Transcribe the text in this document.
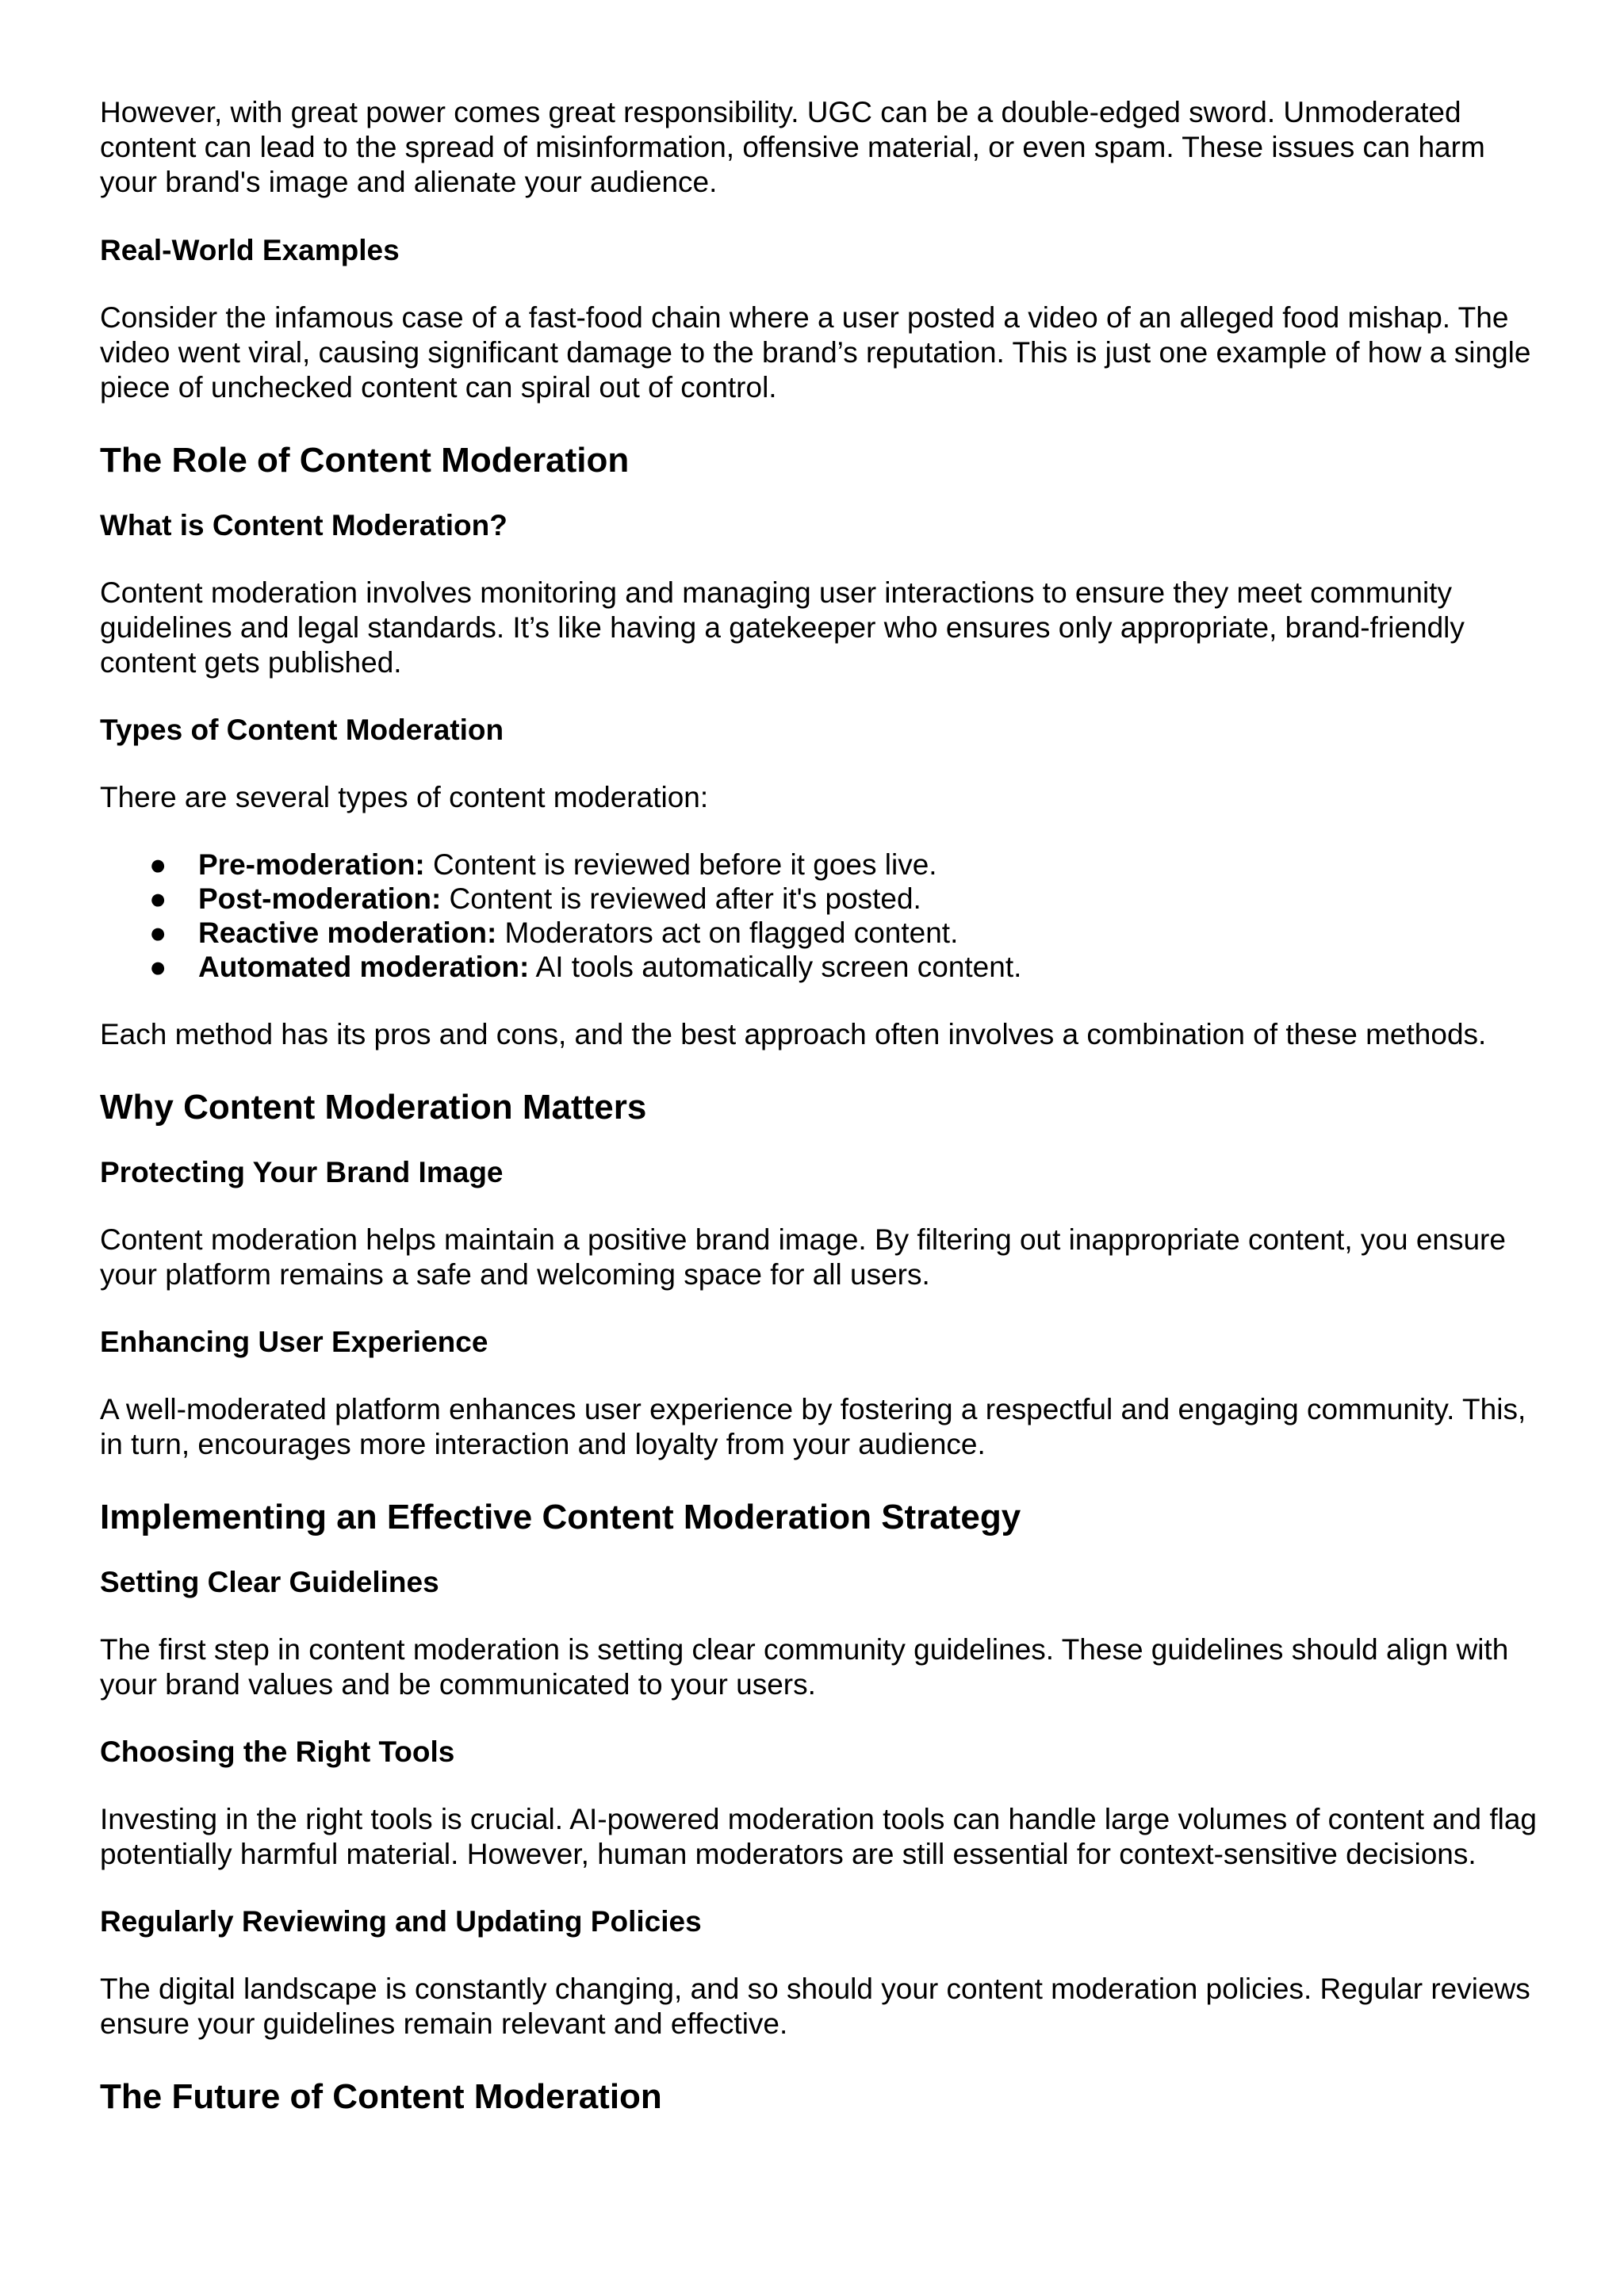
However, with great power comes great responsibility. UGC can be a double-edged sword. Unmoderated content can lead to the spread of misinformation, offensive material, or even spam. These issues can harm your brand's image and alienate your audience.

Real-World Examples

Consider the infamous case of a fast-food chain where a user posted a video of an alleged food mishap. The video went viral, causing significant damage to the brand’s reputation. This is just one example of how a single piece of unchecked content can spiral out of control.

The Role of Content Moderation
What is Content Moderation?

Content moderation involves monitoring and managing user interactions to ensure they meet community guidelines and legal standards. It’s like having a gatekeeper who ensures only appropriate, brand-friendly content gets published.

Types of Content Moderation

There are several types of content moderation:

● Pre-moderation: Content is reviewed before it goes live.
● Post-moderation: Content is reviewed after it's posted.
● Reactive moderation: Moderators act on flagged content.
● Automated moderation: AI tools automatically screen content.

Each method has its pros and cons, and the best approach often involves a combination of these methods.

Why Content Moderation Matters
Protecting Your Brand Image

Content moderation helps maintain a positive brand image. By filtering out inappropriate content, you ensure your platform remains a safe and welcoming space for all users.

Enhancing User Experience

A well-moderated platform enhances user experience by fostering a respectful and engaging community. This, in turn, encourages more interaction and loyalty from your audience.

Implementing an Effective Content Moderation Strategy
Setting Clear Guidelines

The first step in content moderation is setting clear community guidelines. These guidelines should align with your brand values and be communicated to your users.

Choosing the Right Tools

Investing in the right tools is crucial. AI-powered moderation tools can handle large volumes of content and flag potentially harmful material. However, human moderators are still essential for context-sensitive decisions.

Regularly Reviewing and Updating Policies

The digital landscape is constantly changing, and so should your content moderation policies. Regular reviews ensure your guidelines remain relevant and effective.

The Future of Content Moderation
